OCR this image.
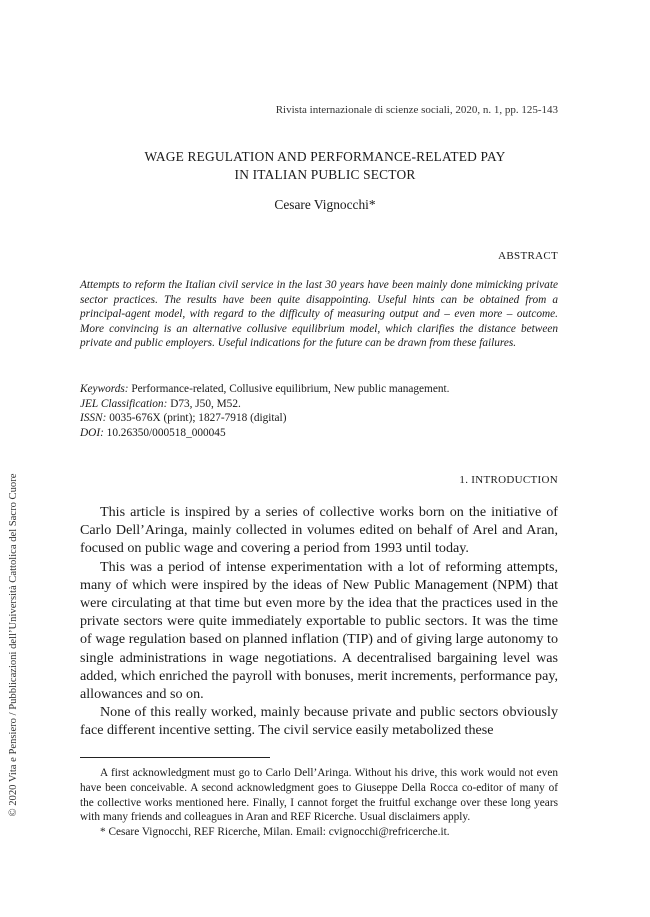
Rivista internazionale di scienze sociali, 2020, n. 1, pp. 125-143
WAGE REGULATION AND PERFORMANCE-RELATED PAY
IN ITALIAN PUBLIC SECTOR
Cesare Vignocchi*
ABSTRACT
Attempts to reform the Italian civil service in the last 30 years have been mainly done mimicking private sector practices. The results have been quite disappointing. Useful hints can be obtained from a principal-agent model, with regard to the difficulty of measuring output and – even more – outcome. More convincing is an alternative collusive equilibrium model, which clarifies the distance between private and public employers. Useful indications for the future can be drawn from these failures.
Keywords: Performance-related, Collusive equilibrium, New public management.
JEL Classification: D73, J50, M52.
ISSN: 0035-676X (print); 1827-7918 (digital)
DOI: 10.26350/000518_000045
1. INTRODUCTION

This article is inspired by a series of collective works born on the initiative of Carlo Dell’Aringa, mainly collected in volumes edited on behalf of Arel and Aran, focused on public wage and covering a period from 1993 until today.

This was a period of intense experimentation with a lot of reforming attempts, many of which were inspired by the ideas of New Public Management (NPM) that were circulating at that time but even more by the idea that the practices used in the private sectors were quite immediately exportable to public sectors. It was the time of wage regulation based on planned inflation (TIP) and of giving large autonomy to single administrations in wage negotiations. A decentralised bargaining level was added, which enriched the payroll with bonuses, merit increments, performance pay, allowances and so on.

None of this really worked, mainly because private and public sectors obviously face different incentive setting. The civil service easily metabolized these

A first acknowledgment must go to Carlo Dell’Aringa. Without his drive, this work would not even have been conceivable. A second acknowledgment goes to Giuseppe Della Rocca co-editor of many of the collective works mentioned here. Finally, I cannot forget the fruitful exchange over these long years with many friends and colleagues in Aran and REF Ricerche. Usual disclaimers apply.

* Cesare Vignocchi, REF Ricerche, Milan. Email: cvignocchi@refricerche.it.

© 2020 Vita e Pensiero / Pubblicazioni dell’Università Cattolica del Sacro Cuore
